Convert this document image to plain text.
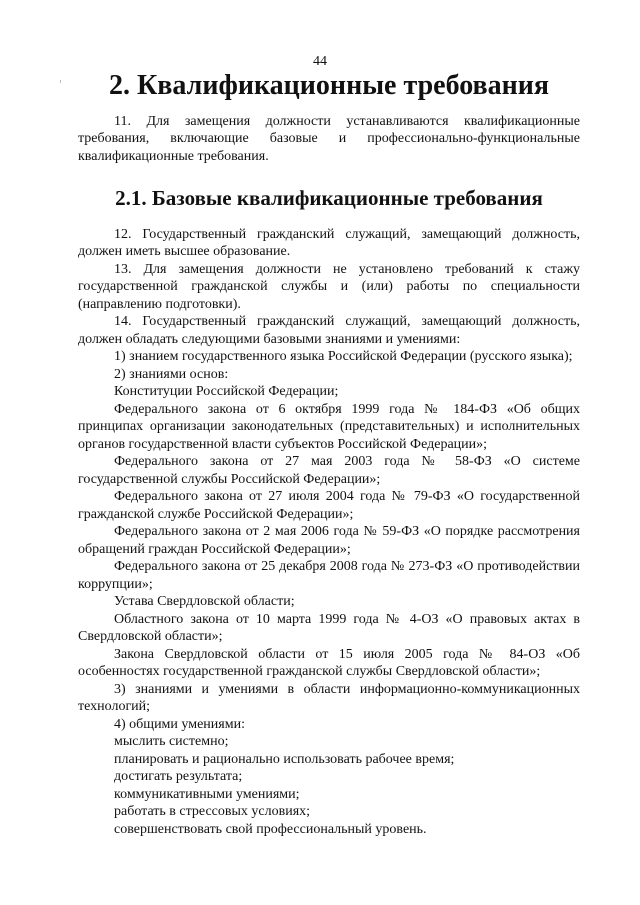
44
2. Квалификационные требования

11. Для замещения должности устанавливаются квалификационные требования, включающие базовые и профессионально-функциональные квалификационные требования.

2.1. Базовые квалификационные требования

12. Государственный гражданский служащий, замещающий должность, должен иметь высшее образование.

13. Для замещения должности не установлено требований к стажу государственной гражданской службы и (или) работы по специальности (направлению подготовки).

14. Государственный гражданский служащий, замещающий должность, должен обладать следующими базовыми знаниями и умениями:

1) знанием государственного языка Российской Федерации (русского языка);

2) знаниями основ:

Конституции Российской Федерации;

Федерального закона от 6 октября 1999 года № 184-ФЗ «Об общих принципах организации законодательных (представительных) и исполнительных органов государственной власти субъектов Российской Федерации»;

Федерального закона от 27 мая 2003 года № 58-ФЗ «О системе государственной службы Российской Федерации»;

Федерального закона от 27 июля 2004 года № 79-ФЗ «О государственной гражданской службе Российской Федерации»;

Федерального закона от 2 мая 2006 года № 59-ФЗ «О порядке рассмотрения обращений граждан Российской Федерации»;

Федерального закона от 25 декабря 2008 года № 273-ФЗ «О противодействии коррупции»;

Устава Свердловской области;

Областного закона от 10 марта 1999 года № 4-ОЗ «О правовых актах в Свердловской области»;

Закона Свердловской области от 15 июля 2005 года № 84-ОЗ «Об особенностях государственной гражданской службы Свердловской области»;

3) знаниями и умениями в области информационно-коммуникационных технологий;

4) общими умениями:

мыслить системно;

планировать и рационально использовать рабочее время;

достигать результата;

коммуникативными умениями;

работать в стрессовых условиях;

совершенствовать свой профессиональный уровень.
